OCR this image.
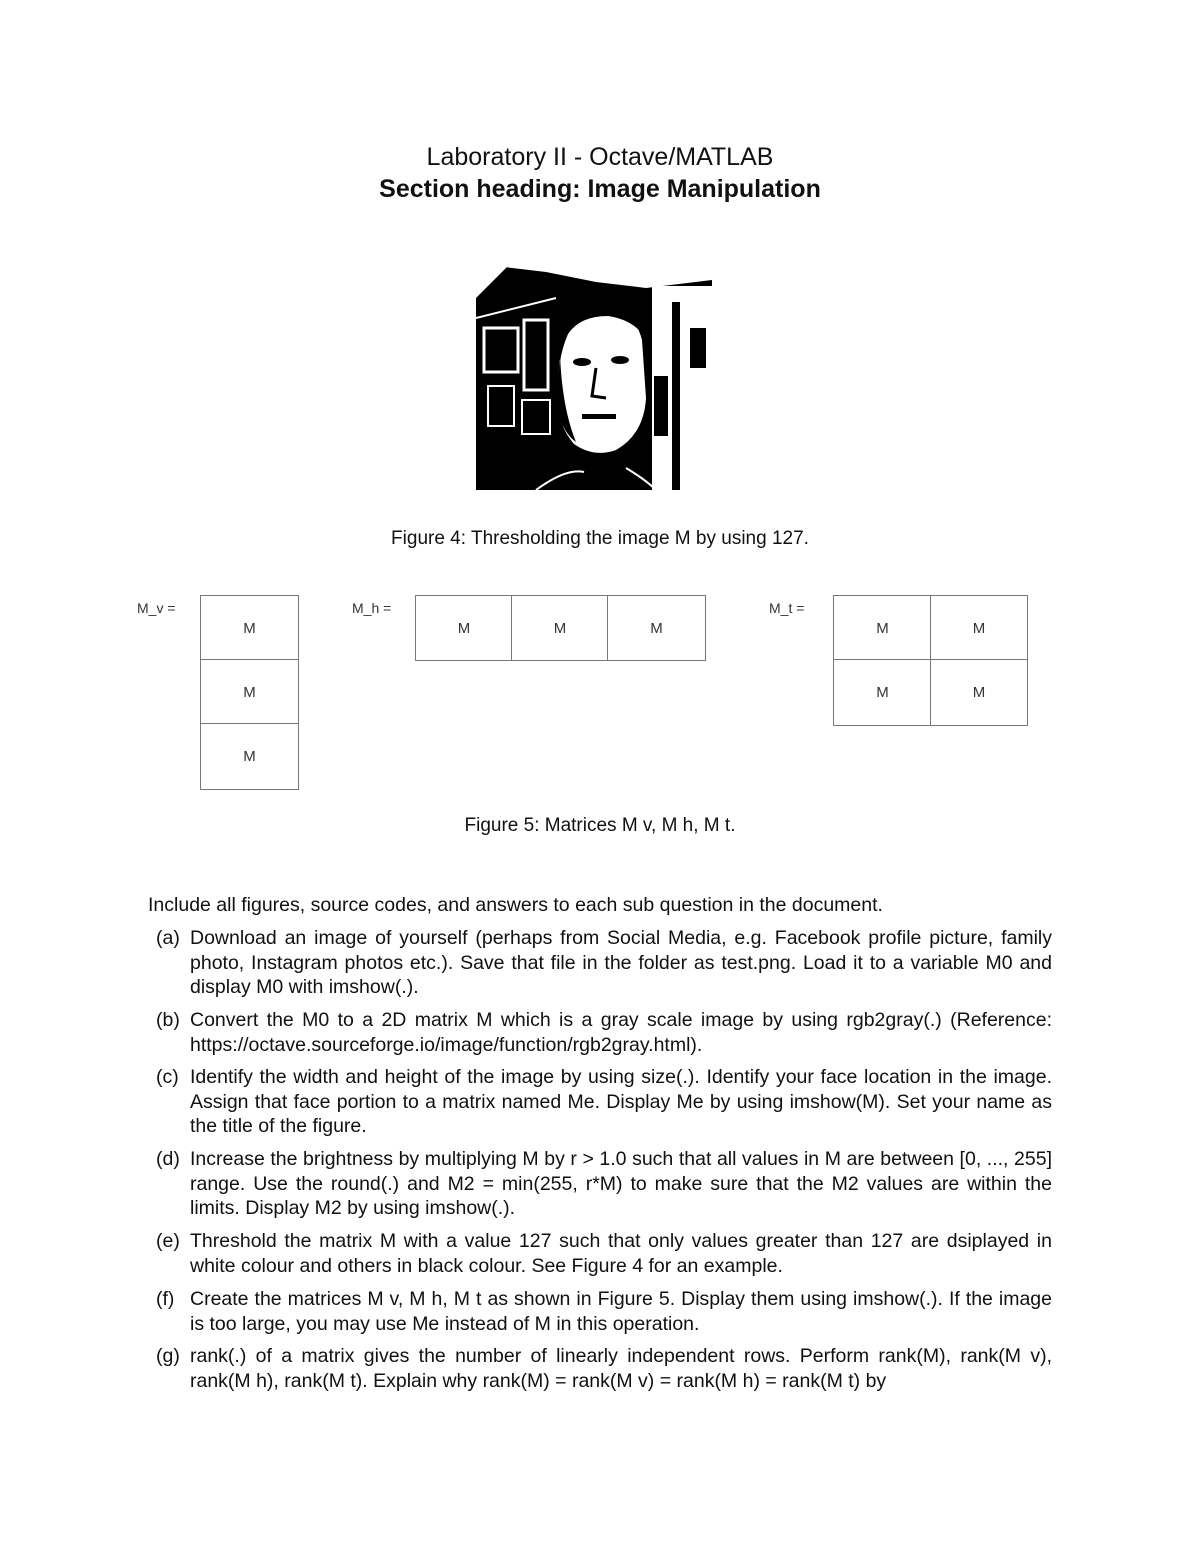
Laboratory II - Octave/MATLAB
Section heading: Image Manipulation
Figure 4: Thresholding the image M by using 127.
M_v =
M
M
M
M_h =
M	M	M
M_t =
M	M
M	M
Figure 5: Matrices M v, M h, M t.
Include all figures, source codes, and answers to each sub question in the document.
(a) Download an image of yourself (perhaps from Social Media, e.g. Facebook profile picture, family photo, Instagram photos etc.). Save that file in the folder as test.png. Load it to a variable M0 and display M0 with imshow(.).
(b) Convert the M0 to a 2D matrix M which is a gray scale image by using rgb2gray(.) (Reference: https://octave.sourceforge.io/image/function/rgb2gray.html).
(c) Identify the width and height of the image by using size(.). Identify your face location in the image. Assign that face portion to a matrix named Me. Display Me by using imshow(M). Set your name as the title of the figure.
(d) Increase the brightness by multiplying M by r > 1.0 such that all values in M are between [0, ..., 255] range. Use the round(.) and M2 = min(255, r*M) to make sure that the M2 values are within the limits. Display M2 by using imshow(.).
(e) Threshold the matrix M with a value 127 such that only values greater than 127 are dsiplayed in white colour and others in black colour. See Figure 4 for an example.
(f) Create the matrices M v, M h, M t as shown in Figure 5. Display them using imshow(.). If the image is too large, you may use Me instead of M in this operation.
(g) rank(.) of a matrix gives the number of linearly independent rows. Perform rank(M), rank(M v), rank(M h), rank(M t). Explain why rank(M) = rank(M v) = rank(M h) = rank(M t) by
